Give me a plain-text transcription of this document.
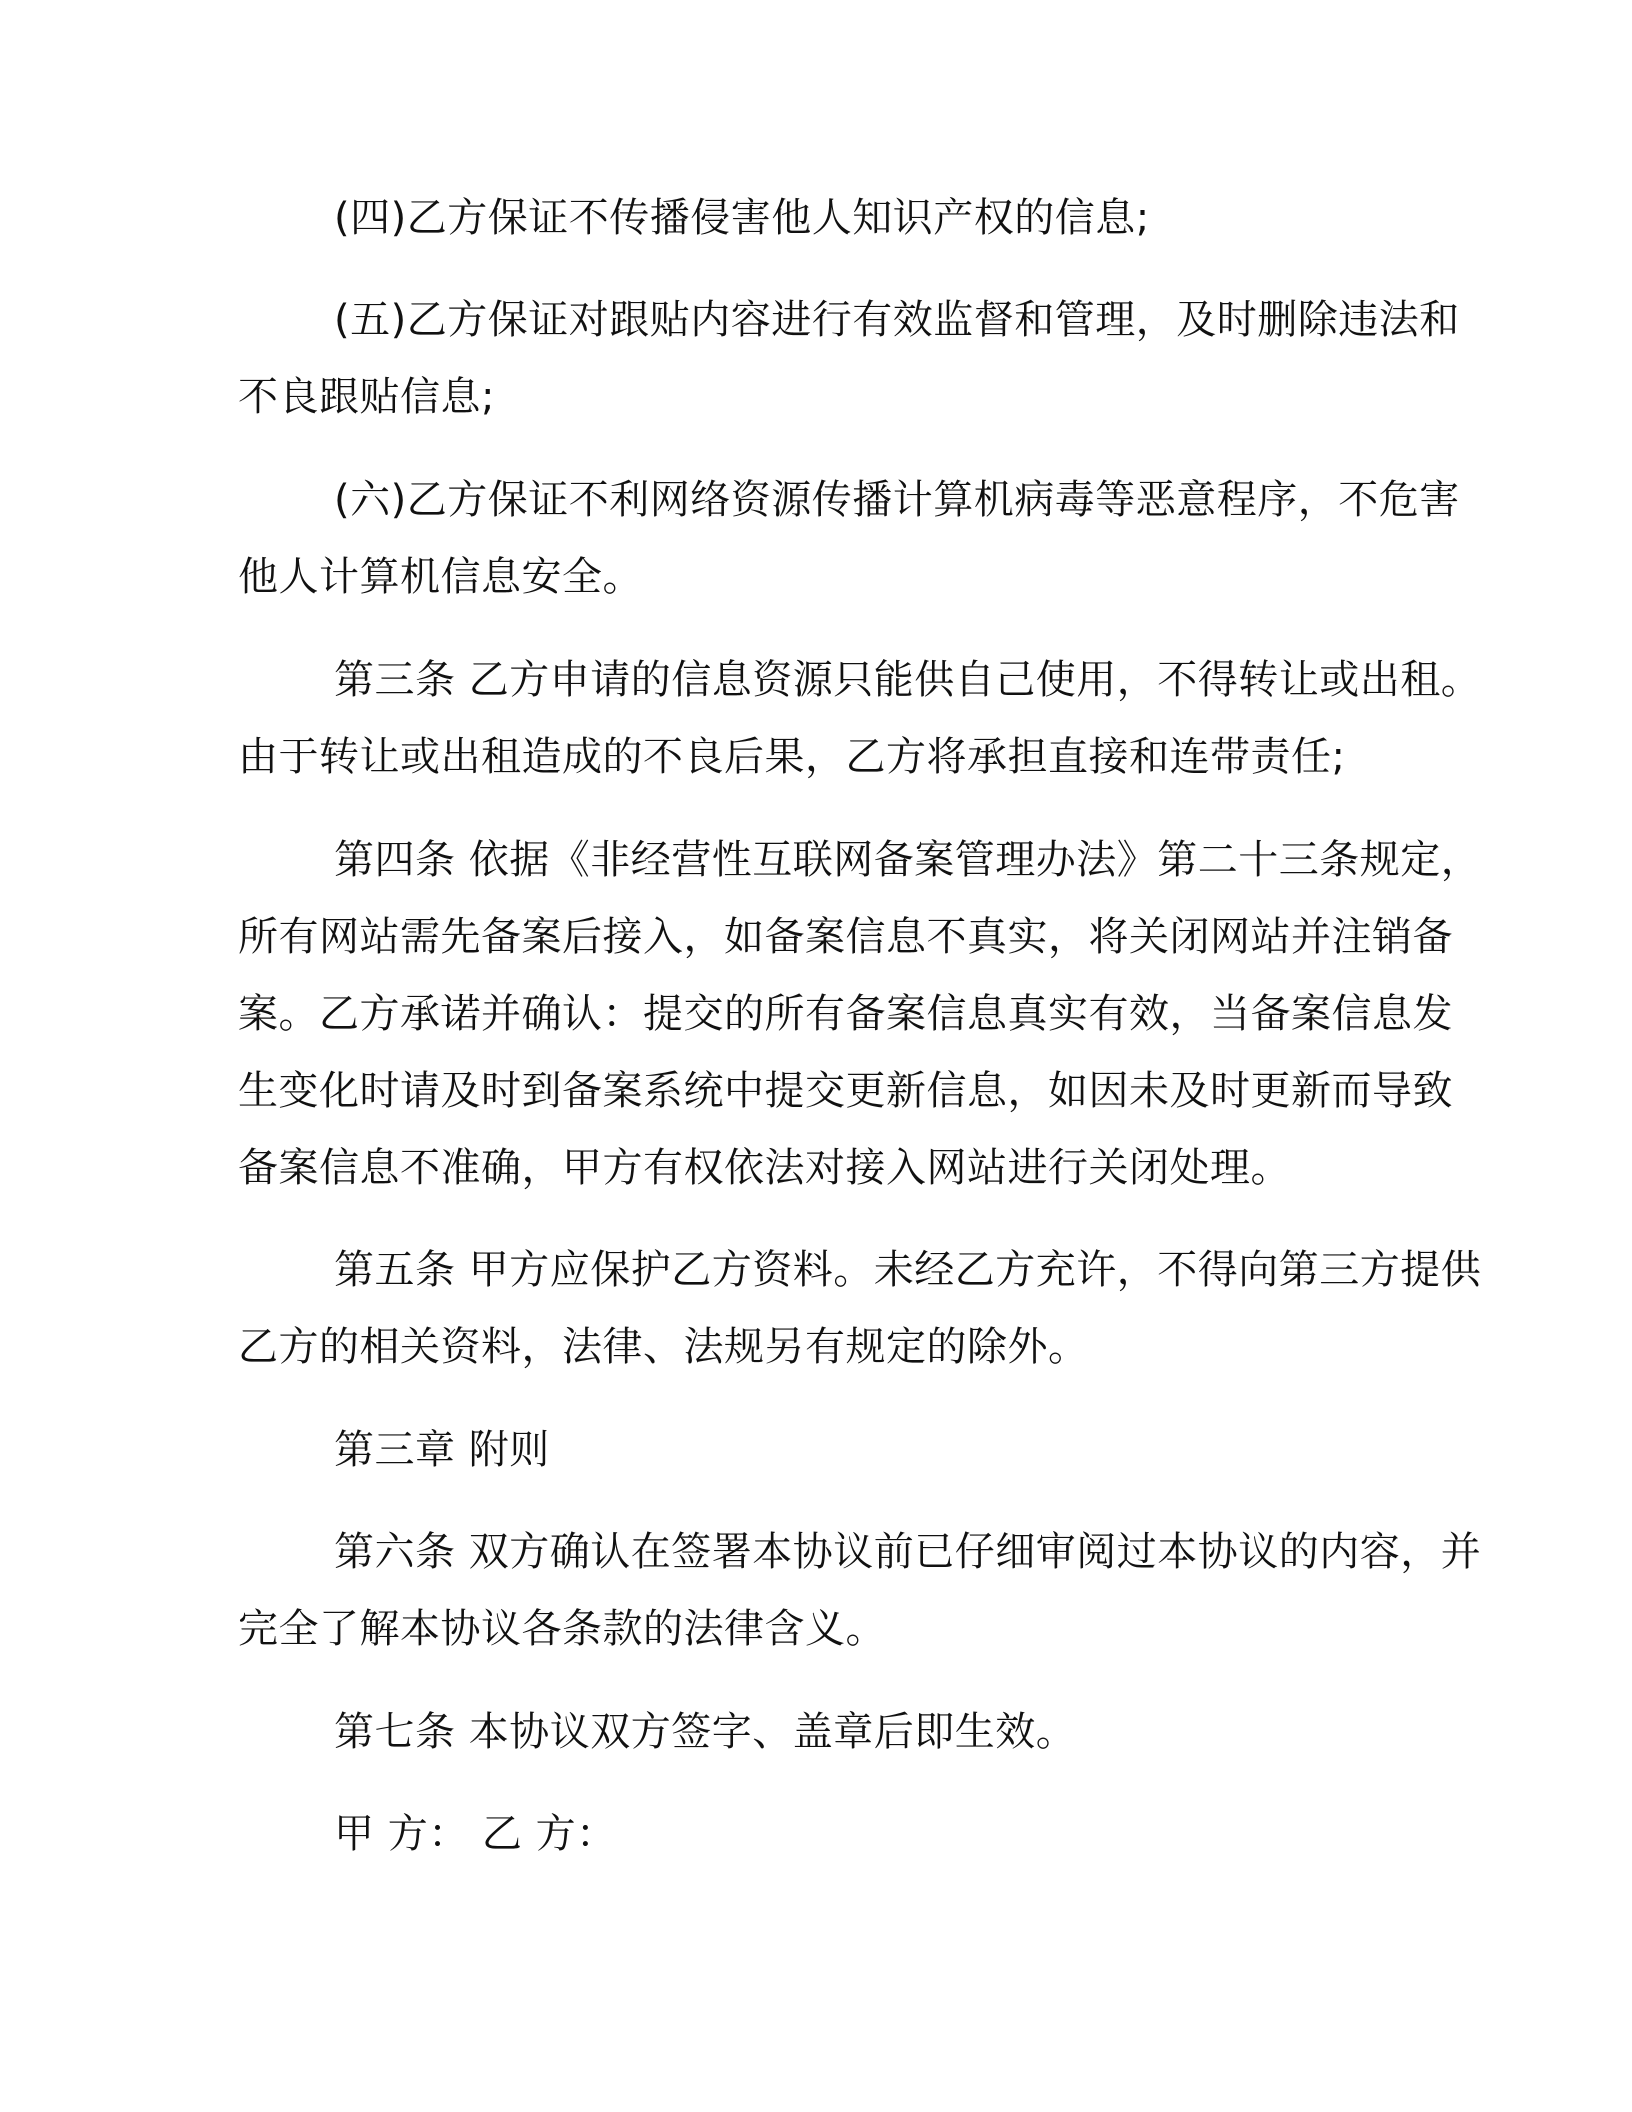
(四)乙方保证不传播侵害他人知识产权的信息;
(五)乙方保证对跟贴内容进行有效监督和管理，及时删除违法和
不良跟贴信息;
(六)乙方保证不利网络资源传播计算机病毒等恶意程序，不危害
他人计算机信息安全。
第三条 乙方申请的信息资源只能供自己使用，不得转让或出租。
由于转让或出租造成的不良后果，乙方将承担直接和连带责任;
第四条 依据《非经营性互联网备案管理办法》第二十三条规定，
所有网站需先备案后接入，如备案信息不真实，将关闭网站并注销备
案。乙方承诺并确认：提交的所有备案信息真实有效，当备案信息发
生变化时请及时到备案系统中提交更新信息，如因未及时更新而导致
备案信息不准确，甲方有权依法对接入网站进行关闭处理。
第五条 甲方应保护乙方资料。未经乙方充许，不得向第三方提供
乙方的相关资料，法律、法规另有规定的除外。
第三章 附则
第六条 双方确认在签署本协议前已仔细审阅过本协议的内容，并
完全了解本协议各条款的法律含义。
第七条 本协议双方签字、盖章后即生效。
甲 方： 乙 方：
